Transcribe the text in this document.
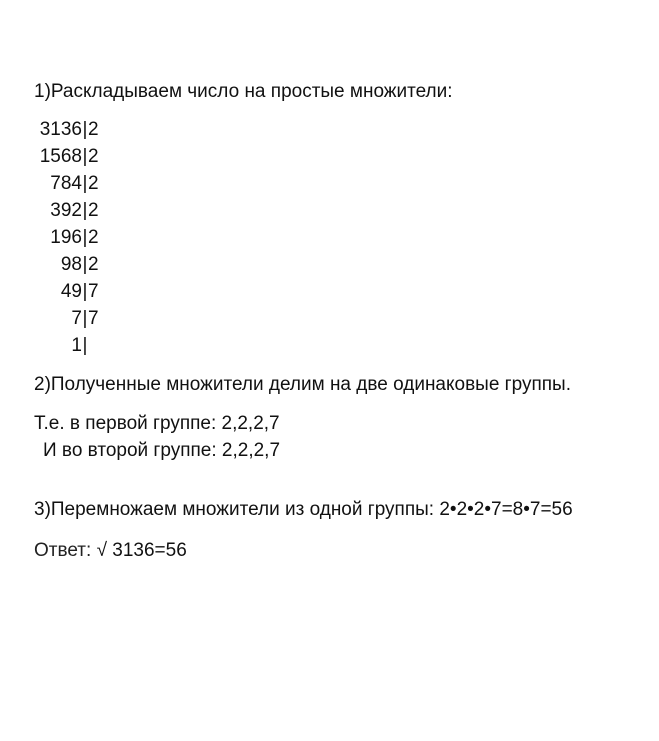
1)Раскладываем число на простые множители:
3136 | 2
1568 | 2
784 | 2
392 | 2
196 | 2
98 | 2
49 | 7
7 | 7
1 |
2)Полученные множители делим на две одинаковые группы.
Т.е. в первой группе: 2,2,2,7
И во второй группе: 2,2,2,7
3)Перемножаем множители из одной группы: 2•2•2•7=8•7=56
Ответ: √ 3136=56
